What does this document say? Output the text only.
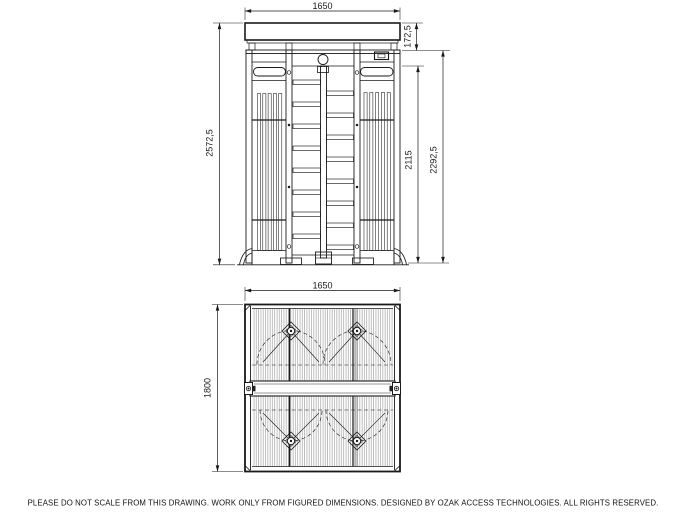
1650
172,5
2115 2292,5
2572,5
1650
1800
PLEASE DO NOT SCALE FROM THIS DRAWING. WORK ONLY FROM FIGURED DIMENSIONS. DESIGNED BY OZAK ACCESS TECHNOLOGIES. ALL RIGHTS RESERVED.
